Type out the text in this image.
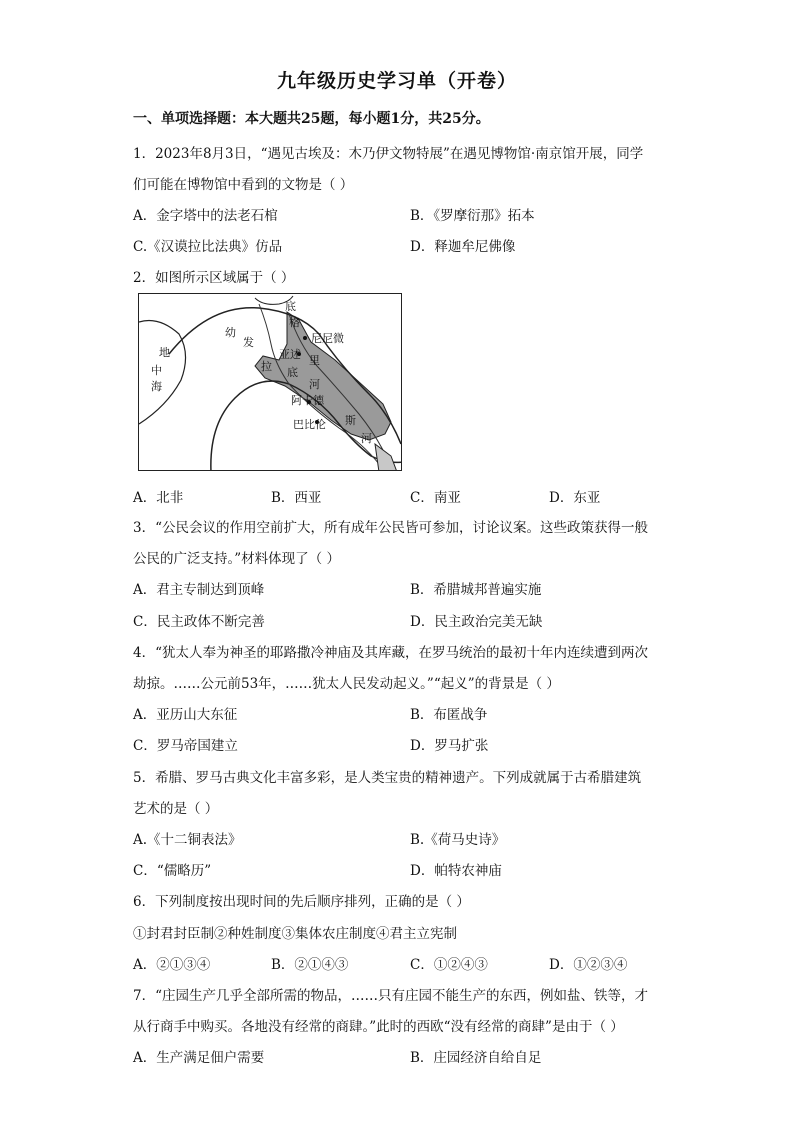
九年级历史学习单（开卷）
一、单项选择题：本大题共25题，每小题1分，共25分。
1．2023年8月3日，“遇见古埃及：木乃伊文物特展”在遇见博物馆·南京馆开展，同学
们可能在博物馆中看到的文物是（ ）
A．金字塔中的法老石棺	B．《罗摩衍那》拓本
C.《汉谟拉比法典》仿品	D．释迦牟尼佛像
2．如图所示区域属于（ ）
地
中
海
幼
发
拉
底
格
尼尼微
亚述
底
里
河
阿卡德
巴比伦 斯
河
A．北非	B．西亚	C．南亚	D．东亚
3．“公民会议的作用空前扩大，所有成年公民皆可参加，讨论议案。这些政策获得一般
公民的广泛支持。”材料体现了（ ）
A．君主专制达到顶峰	B．希腊城邦普遍实施
C．民主政体不断完善	D．民主政治完美无缺
4．“犹太人奉为神圣的耶路撒冷神庙及其库藏，在罗马统治的最初十年内连续遭到两次
劫掠。……公元前53年，……犹太人民发动起义。”“起义”的背景是（ ）
A．亚历山大东征	B．布匿战争
C．罗马帝国建立	D．罗马扩张
5．希腊、罗马古典文化丰富多彩，是人类宝贵的精神遗产。下列成就属于古希腊建筑
艺术的是（ ）
A.《十二铜表法》	B.《荷马史诗》
C．“儒略历”	D．帕特农神庙
6．下列制度按出现时间的先后顺序排列，正确的是（ ）
①封君封臣制②种姓制度③集体农庄制度④君主立宪制
A．②①③④	B．②①④③	C．①②④③	D．①②③④
7．“庄园生产几乎全部所需的物品，……只有庄园不能生产的东西，例如盐、铁等，才
从行商手中购买。各地没有经常的商肆。”此时的西欧“没有经常的商肆”是由于（ ）
A．生产满足佃户需要	B．庄园经济自给自足
